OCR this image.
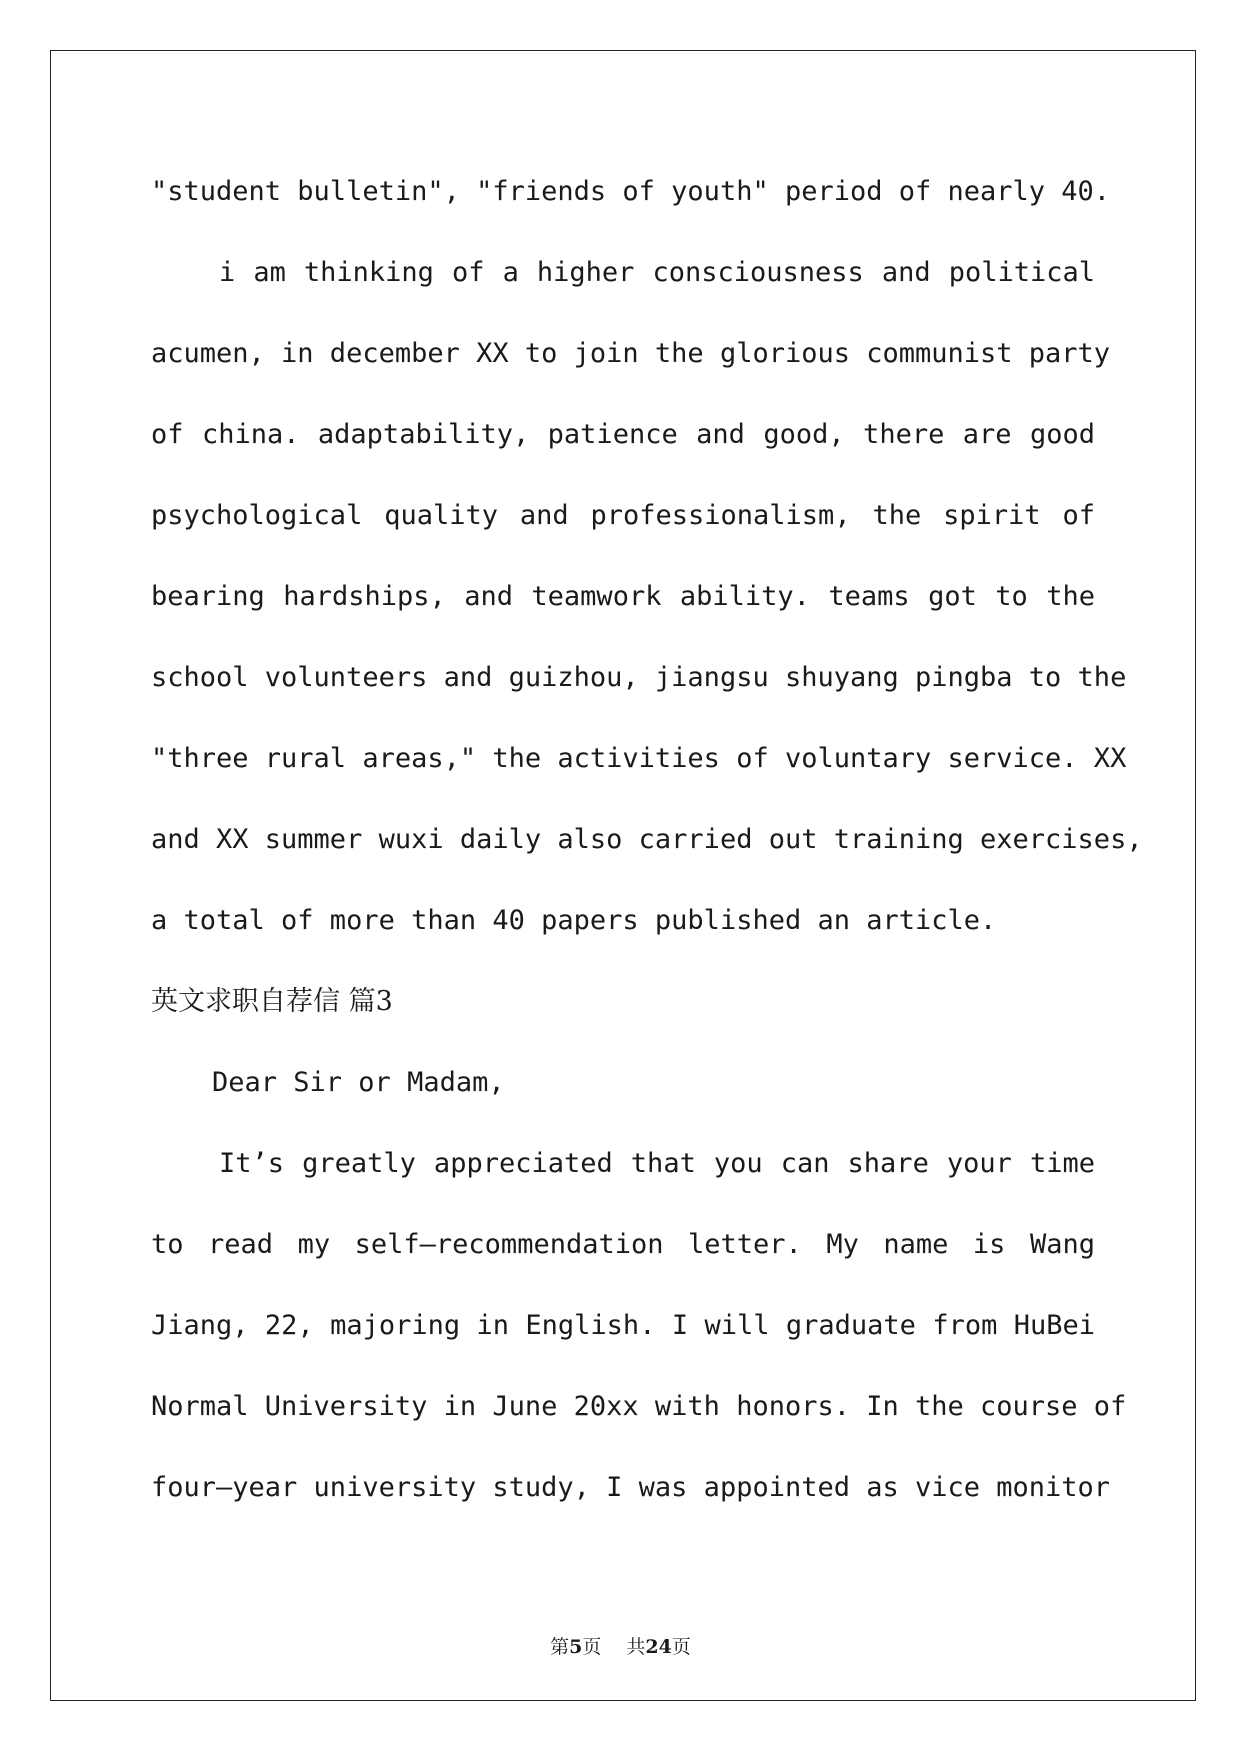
"student bulletin", "friends of youth" period of nearly 40.
i am thinking of a higher consciousness and political
acumen, in december XX to join the glorious communist party
of china. adaptability, patience and good, there are good
psychological quality and professionalism, the spirit of
bearing hardships, and teamwork ability. teams got to the
school volunteers and guizhou, jiangsu shuyang pingba to the
"three rural areas," the activities of voluntary service. XX
and XX summer wuxi daily also carried out training exercises,
a total of more than 40 papers published an article.
英文求职自荐信 篇3
Dear Sir or Madam,
It’s greatly appreciated that you can share your time
to read my self—recommendation letter. My name is Wang
Jiang, 22, majoring in English. I will graduate from HuBei
Normal University in June 20xx with honors. In the course of
four—year university study, I was appointed as vice monitor
第5页　 共24页
